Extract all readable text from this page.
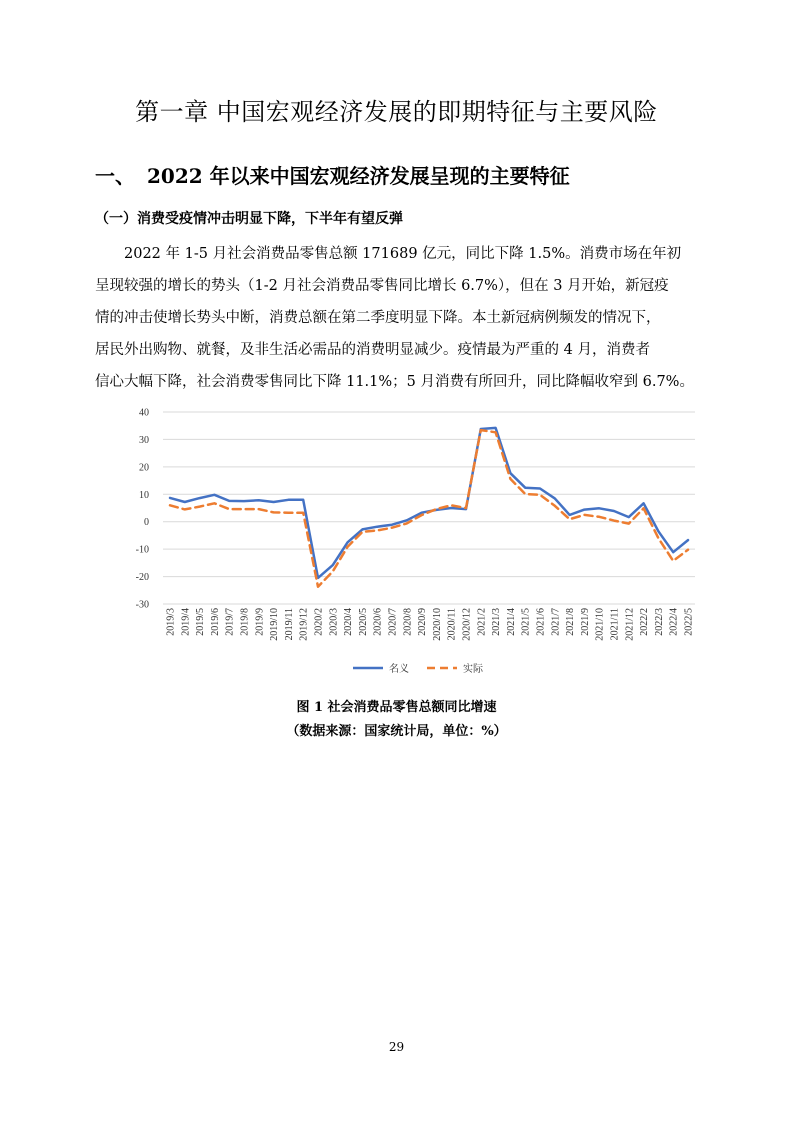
第一章 中国宏观经济发展的即期特征与主要风险
一、 2022 年以来中国宏观经济发展呈现的主要特征
（一）消费受疫情冲击明显下降，下半年有望反弹

2022 年 1-5 月社会消费品零售总额 171689 亿元，同比下降 1.5%。消费市场在年初
呈现较强的增长的势头（1-2 月社会消费品零售同比增长 6.7%），但在 3 月开始，新冠疫
情的冲击使增长势头中断，消费总额在第二季度明显下降。本土新冠病例频发的情况下，
居民外出购物、就餐，及非生活必需品的消费明显减少。疫情最为严重的 4 月，消费者
信心大幅下降，社会消费零售同比下降 11.1%；5 月消费有所回升，同比降幅收窄到 6.7%。

40
30
20
10
0
-10
-20
-30
2019/3 2019/4 2019/5 2019/6 2019/7 2019/8 2019/9 2019/10 2019/11 2019/12 2020/2 2020/3 2020/4 2020/5 2020/6 2020/7 2020/8 2020/9 2020/10 2020/11 2020/12 2021/2 2021/3 2021/4 2021/5 2021/6 2021/7 2021/8 2021/9 2021/10 2021/11 2021/12 2022/2 2022/3 2022/4 2022/5
名义	实际

图 1 社会消费品零售总额同比增速

（数据来源：国家统计局，单位：%）

29
